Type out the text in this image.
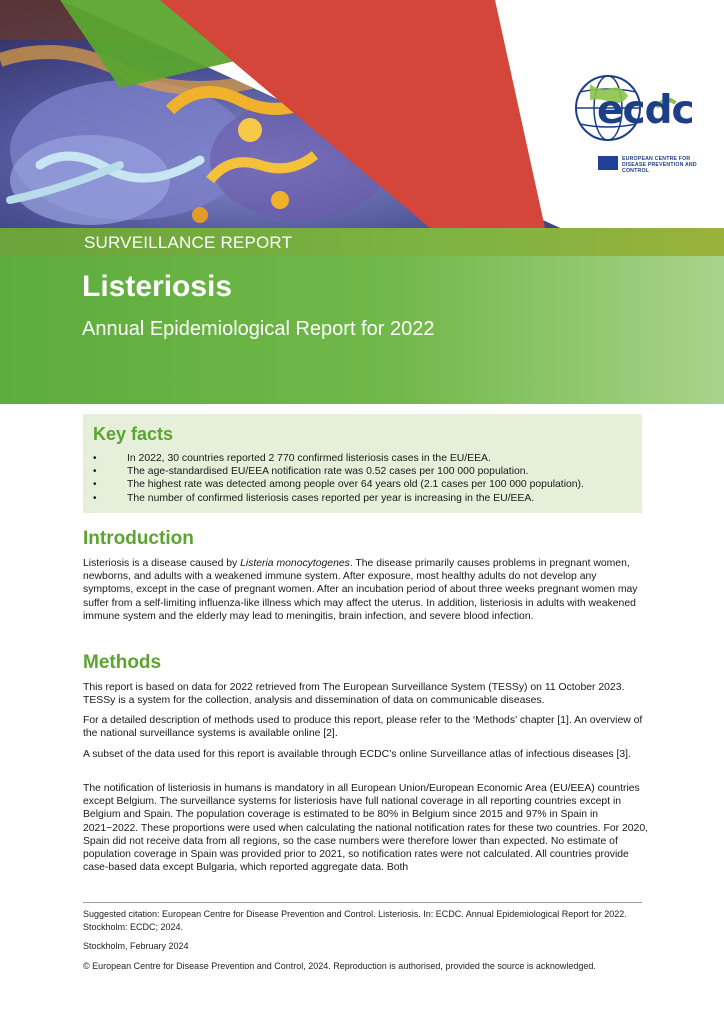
ecdc
EUROPEAN CENTRE FOR DISEASE PREVENTION AND CONTROL
SURVEILLANCE REPORT
Listeriosis
Annual Epidemiological Report for 2022
Key facts
• In 2022, 30 countries reported 2 770 confirmed listeriosis cases in the EU/EEA.
• The age-standardised EU/EEA notification rate was 0.52 cases per 100 000 population.
• The highest rate was detected among people over 64 years old (2.1 cases per 100 000 population).
• The number of confirmed listeriosis cases reported per year is increasing in the EU/EEA.
Introduction

Listeriosis is a disease caused by Listeria monocytogenes. The disease primarily causes problems in pregnant women, newborns, and adults with a weakened immune system. After exposure, most healthy adults do not develop any symptoms, except in the case of pregnant women. After an incubation period of about three weeks pregnant women may suffer from a self-limiting influenza-like illness which may affect the uterus. In addition, listeriosis in adults with weakened immune system and the elderly may lead to meningitis, brain infection, and severe blood infection.

Methods

This report is based on data for 2022 retrieved from The European Surveillance System (TESSy) on 11 October 2023. TESSy is a system for the collection, analysis and dissemination of data on communicable diseases.

For a detailed description of methods used to produce this report, please refer to the ‘Methods’ chapter [1]. An overview of the national surveillance systems is available online [2].

A subset of the data used for this report is available through ECDC’s online Surveillance atlas of infectious diseases [3].

The notification of listeriosis in humans is mandatory in all European Union/European Economic Area (EU/EEA) countries except Belgium. The surveillance systems for listeriosis have full national coverage in all reporting countries except in Belgium and Spain. The population coverage is estimated to be 80% in Belgium since 2015 and 97% in Spain in 2021−2022. These proportions were used when calculating the national notification rates for these two countries. For 2020, Spain did not receive data from all regions, so the case numbers were therefore lower than expected. No estimate of population coverage in Spain was provided prior to 2021, so notification rates were not calculated. All countries provide case-based data except Bulgaria, which reported aggregate data. Both

Suggested citation: European Centre for Disease Prevention and Control. Listeriosis. In: ECDC. Annual Epidemiological Report for 2022. Stockholm: ECDC; 2024.

Stockholm, February 2024

© European Centre for Disease Prevention and Control, 2024. Reproduction is authorised, provided the source is acknowledged.
